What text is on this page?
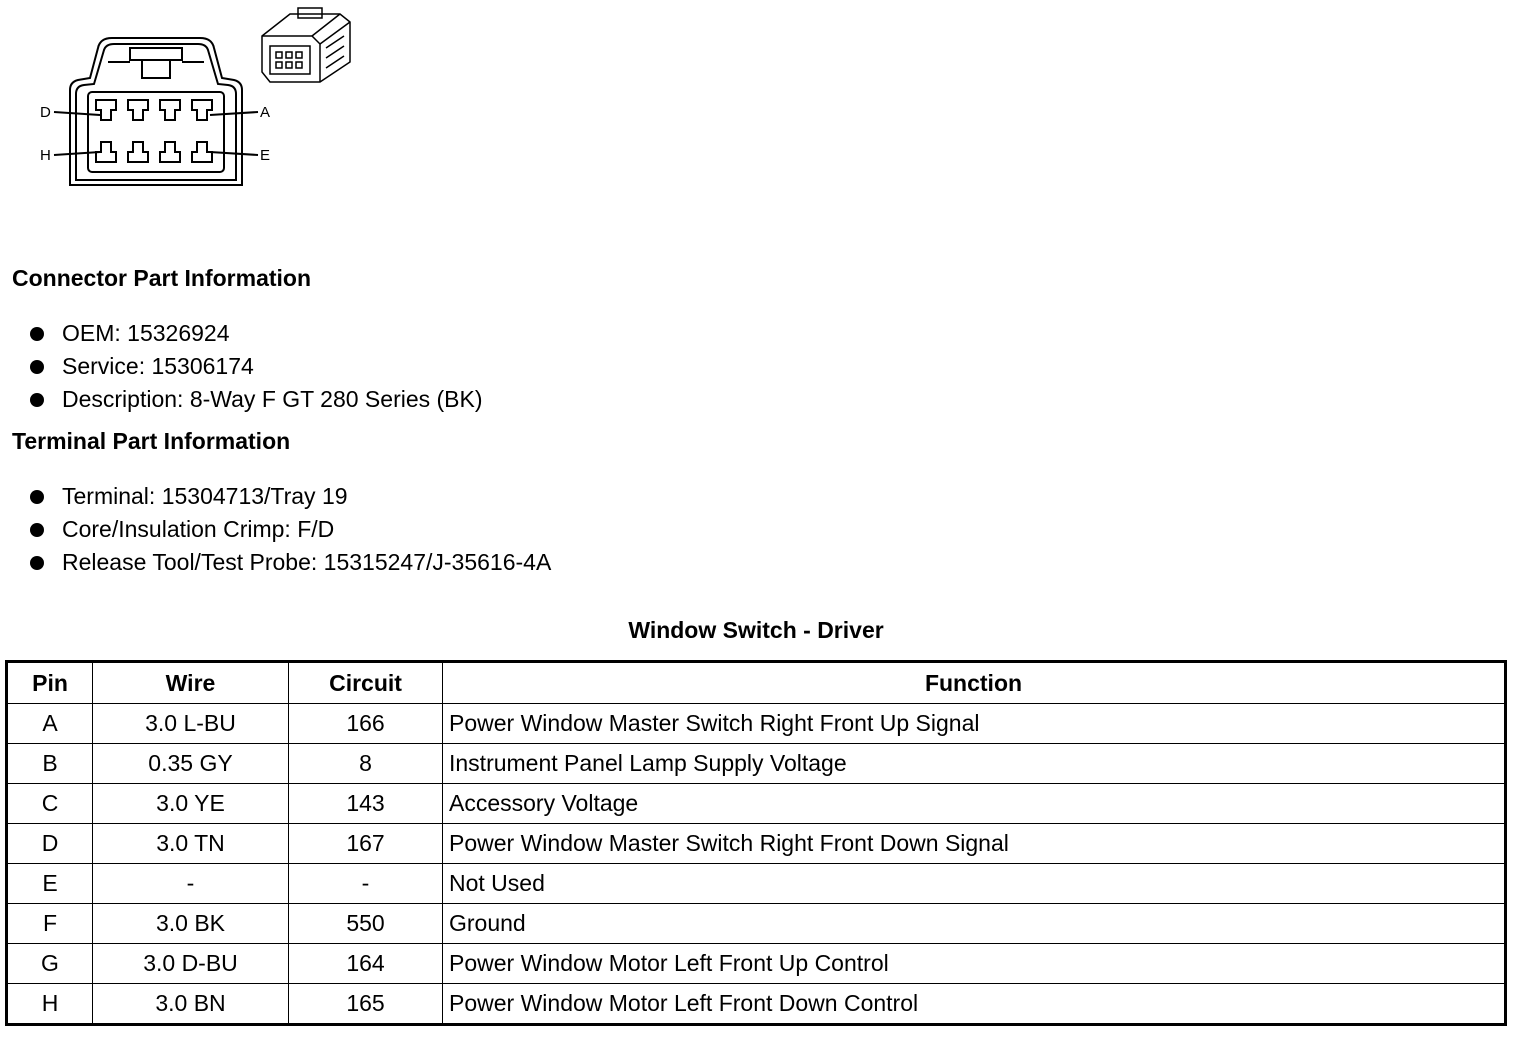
D	A
H	E
Connector Part Information
OEM: 15326924
Service: 15306174
Description: 8-Way F GT 280 Series (BK)
Terminal Part Information
Terminal: 15304713/Tray 19
Core/Insulation Crimp: F/D
Release Tool/Test Probe: 15315247/J-35616-4A
Window Switch - Driver
Pin	Wire	Circuit	Function
A	3.0 L-BU	166	Power Window Master Switch Right Front Up Signal
B	0.35 GY	8	Instrument Panel Lamp Supply Voltage
C	3.0 YE	143	Accessory Voltage
D	3.0 TN	167	Power Window Master Switch Right Front Down Signal
E	-	-	Not Used
F	3.0 BK	550	Ground
G	3.0 D-BU	164	Power Window Motor Left Front Up Control
H	3.0 BN	165	Power Window Motor Left Front Down Control
